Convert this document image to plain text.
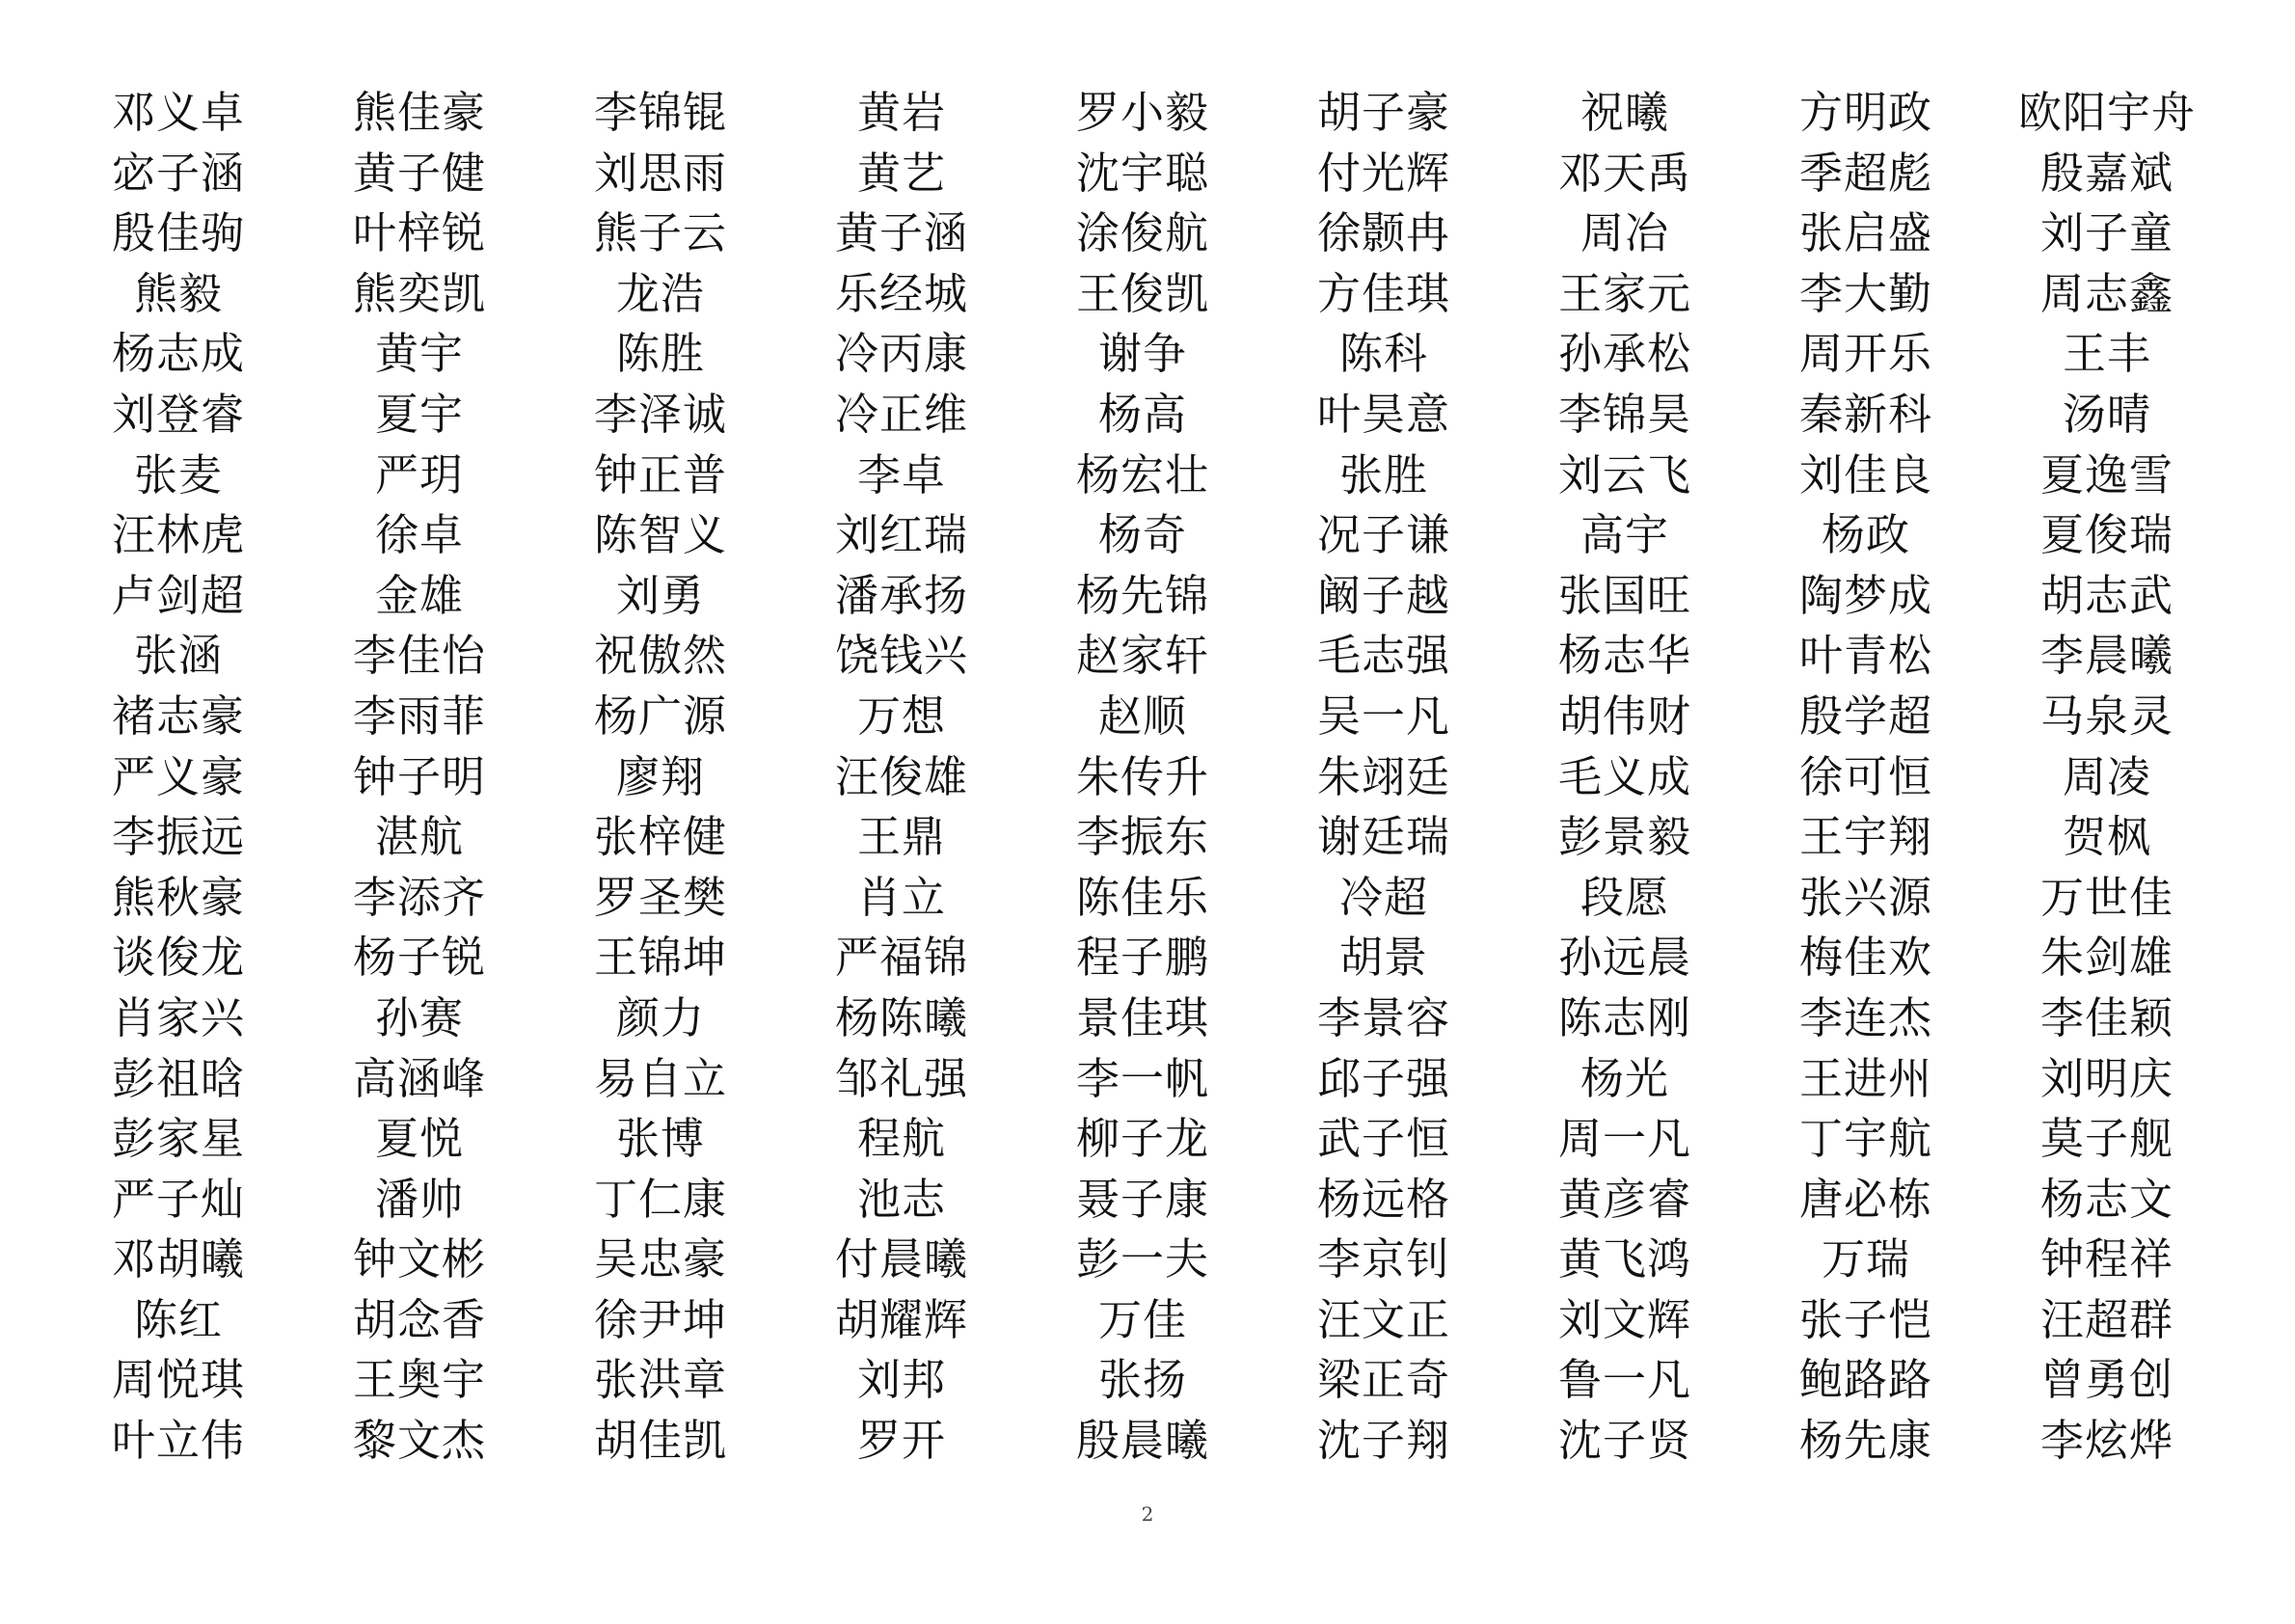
邓义卓	熊佳豪	李锦锟	黄岩	罗小毅	胡子豪	祝曦	方明政	欧阳宇舟
宓子涵	黄子健	刘思雨	黄艺	沈宇聪	付光辉	邓天禹	季超彪	殷嘉斌
殷佳驹	叶梓锐	熊子云	黄子涵	涂俊航	徐颢冉	周冶	张启盛	刘子童
熊毅	熊奕凯	龙浩	乐经城	王俊凯	方佳琪	王家元	李大勤	周志鑫
杨志成	黄宇	陈胜	冷丙康	谢争	陈科	孙承松	周开乐	王丰
刘登睿	夏宇	李泽诚	冷正维	杨高	叶昊意	李锦昊	秦新科	汤晴
张麦	严玥	钟正普	李卓	杨宏壮	张胜	刘云飞	刘佳良	夏逸雪
汪林虎	徐卓	陈智义	刘红瑞	杨奇	况子谦	高宇	杨政	夏俊瑞
卢剑超	金雄	刘勇	潘承扬	杨先锦	阚子越	张国旺	陶梦成	胡志武
张涵	李佳怡	祝傲然	饶钱兴	赵家轩	毛志强	杨志华	叶青松	李晨曦
褚志豪	李雨菲	杨广源	万想	赵顺	吴一凡	胡伟财	殷学超	马泉灵
严义豪	钟子明	廖翔	汪俊雄	朱传升	朱翊廷	毛义成	徐可恒	周凌
李振远	湛航	张梓健	王鼎	李振东	谢廷瑞	彭景毅	王宇翔	贺枫
熊秋豪	李添齐	罗圣樊	肖立	陈佳乐	冷超	段愿	张兴源	万世佳
谈俊龙	杨子锐	王锦坤	严福锦	程子鹏	胡景	孙远晨	梅佳欢	朱剑雄
肖家兴	孙赛	颜力	杨陈曦	景佳琪	李景容	陈志刚	李连杰	李佳颖
彭祖晗	高涵峰	易自立	邹礼强	李一帆	邱子强	杨光	王进州	刘明庆
彭家星	夏悦	张博	程航	柳子龙	武子恒	周一凡	丁宇航	莫子舰
严子灿	潘帅	丁仁康	池志	聂子康	杨远格	黄彦睿	唐必栋	杨志文
邓胡曦	钟文彬	吴忠豪	付晨曦	彭一夫	李京钊	黄飞鸿	万瑞	钟程祥
陈红	胡念香	徐尹坤	胡耀辉	万佳	汪文正	刘文辉	张子恺	汪超群
周悦琪	王奥宇	张洪章	刘邦	张扬	梁正奇	鲁一凡	鲍路路	曾勇创
叶立伟	黎文杰	胡佳凯	罗开	殷晨曦	沈子翔	沈子贤	杨先康	李炫烨
2
